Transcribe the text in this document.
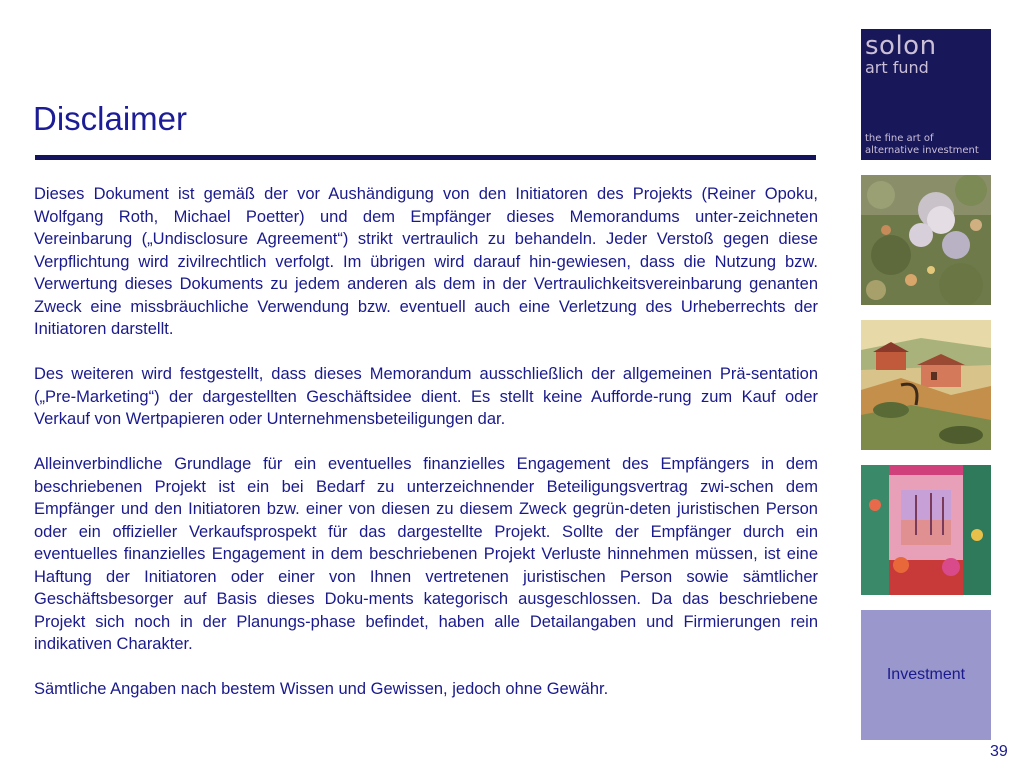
Disclaimer

Dieses Dokument ist gemäß der vor Aushändigung von den Initiatoren des Projekts (Reiner Opoku, Wolfgang Roth, Michael Poetter) und dem Empfänger dieses Memorandums unter-zeichneten Vereinbarung („Undisclosure Agreement“) strikt vertraulich zu behandeln. Jeder Verstoß gegen diese Verpflichtung wird zivilrechtlich verfolgt. Im übrigen wird darauf hin-gewiesen, dass die Nutzung bzw. Verwertung dieses Dokuments zu jedem anderen als dem in der Vertraulichkeitsvereinbarung genanten Zweck eine missbräuchliche Verwendung bzw. eventuell auch eine Verletzung des Urheberrechts der Initiatoren darstellt.

Des weiteren wird festgestellt, dass dieses Memorandum ausschließlich der allgemeinen Prä-sentation („Pre-Marketing“) der dargestellten Geschäftsidee dient. Es stellt keine Aufforde-rung zum Kauf oder Verkauf von Wertpapieren oder Unternehmensbeteiligungen dar.

Alleinverbindliche Grundlage für ein eventuelles finanzielles Engagement des Empfängers in dem beschriebenen Projekt ist ein bei Bedarf zu unterzeichnender Beteiligungsvertrag zwi-schen dem Empfänger und den Initiatoren bzw. einer von diesen zu diesem Zweck gegrün-deten juristischen Person oder ein offizieller Verkaufsprospekt für das dargestellte Projekt. Sollte der Empfänger durch ein eventuelles finanzielles Engagement in dem beschriebenen Projekt Verluste hinnehmen müssen, ist eine Haftung der Initiatoren oder einer von Ihnen vertretenen juristischen Person sowie sämtlicher Geschäftsbesorger auf Basis dieses Doku-ments kategorisch ausgeschlossen. Da das beschriebene Projekt sich noch in der Planungs-phase befindet, haben alle Detailangaben und Firmierungen rein indikativen Charakter.

Sämtliche Angaben nach bestem Wissen und Gewissen, jedoch ohne Gewähr.

solon
art fund
the fine art of
alternative investment
Investment
39
